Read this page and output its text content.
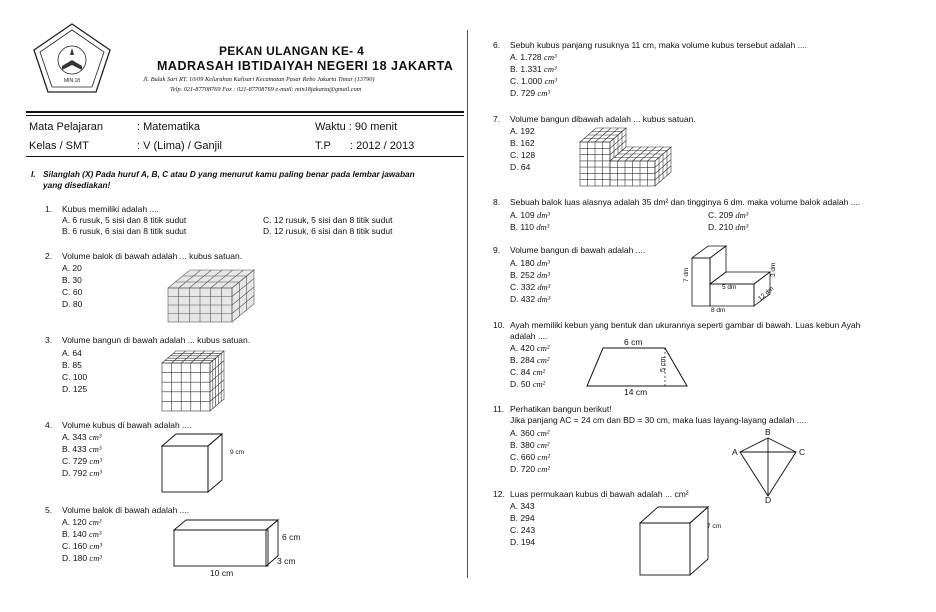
MIN 18
PEKAN ULANGAN KE- 4
MADRASAH IBTIDAIYAH NEGERI 18 JAKARTA
Jl. Bulak Sari RT. 10/09 Kelurahan Kalisari Kecamatan Pasar Rebo Jakarta Timur (13790)
Telp. 021-87708769 Fax : 021-87708769 e-mail: min18jakarta@gmail.com
Mata Pelajaran	: Matematika	Waktu : 90 menit
Kelas / SMT	: V (Lima) / Ganjil	T.P : 2012 / 2013
I. Silanglah (X) Pada huruf A, B, C atau D yang menurut kamu paling benar pada lembar jawaban
yang disediakan!
1. Kubus memiliki adalah ....
A. 6 rusuk, 5 sisi dan 8 titik sudut
B. 6 rusuk, 6 sisi dan 8 titik sudut
C. 12 rusuk, 5 sisi dan 8 titik sudut
D. 12 rusuk, 6 sisi dan 8 titik sudut
2. Volume balok di bawah adalah ... kubus satuan.
A. 20
B. 30
C. 60
D. 80
3. Volume bangun di bawah adalah ... kubus satuan.
A. 64
B. 85
C. 100
D. 125
4. Volume kubus di bawah adalah ....
A. 343 cm³
B. 433 cm³
C. 729 cm³
D. 792 cm³
9 cm
5. Volume balok di bawah adalah ....
A. 120 cm³
B. 140 cm³
C. 160 cm³
D. 180 cm³
6 cm
3 cm
10 cm
6. Sebuh kubus panjang rusuknya 11 cm, maka volume kubus tersebut adalah ....
A. 1.728 cm³
B. 1.331 cm³
C. 1.000 cm³
D. 729 cm³
7. Volume bangun dibawah adalah ... kubus satuan.
A. 192
B. 162
C. 128
D. 64
8. Sebuah balok luas alasnya adalah 35 dm² dan tingginya 6 dm. maka volume balok adalah ....
A. 109 dm³
B. 110 dm³
C. 209 dm³
D. 210 dm³
9. Volume bangun di bawah adalah ....
A. 180 dm³
B. 252 dm³
C. 332 dm³
D. 432 dm³
7 dm
5 dm
3 dm
12 dm
8 dm
10. Ayah memiliki kebun yang bentuk dan ukurannya seperti gambar di bawah. Luas kebun Ayah
adalah ....
A. 420 cm²
B. 284 cm²
C. 84 cm²
D. 50 cm²
6 cm
5 cm
14 cm
11. Perhatikan bangun berikut!
Jika panjang AC = 24 cm dan BD = 30 cm, maka luas layang-layang adalah ....
A. 360 cm²
B. 380 cm²
C. 660 cm²
D. 720 cm²
B
A	C
D
12. Luas permukaan kubus di bawah adalah ... cm²
A. 343
B. 294
C. 243
D. 194
7 cm
